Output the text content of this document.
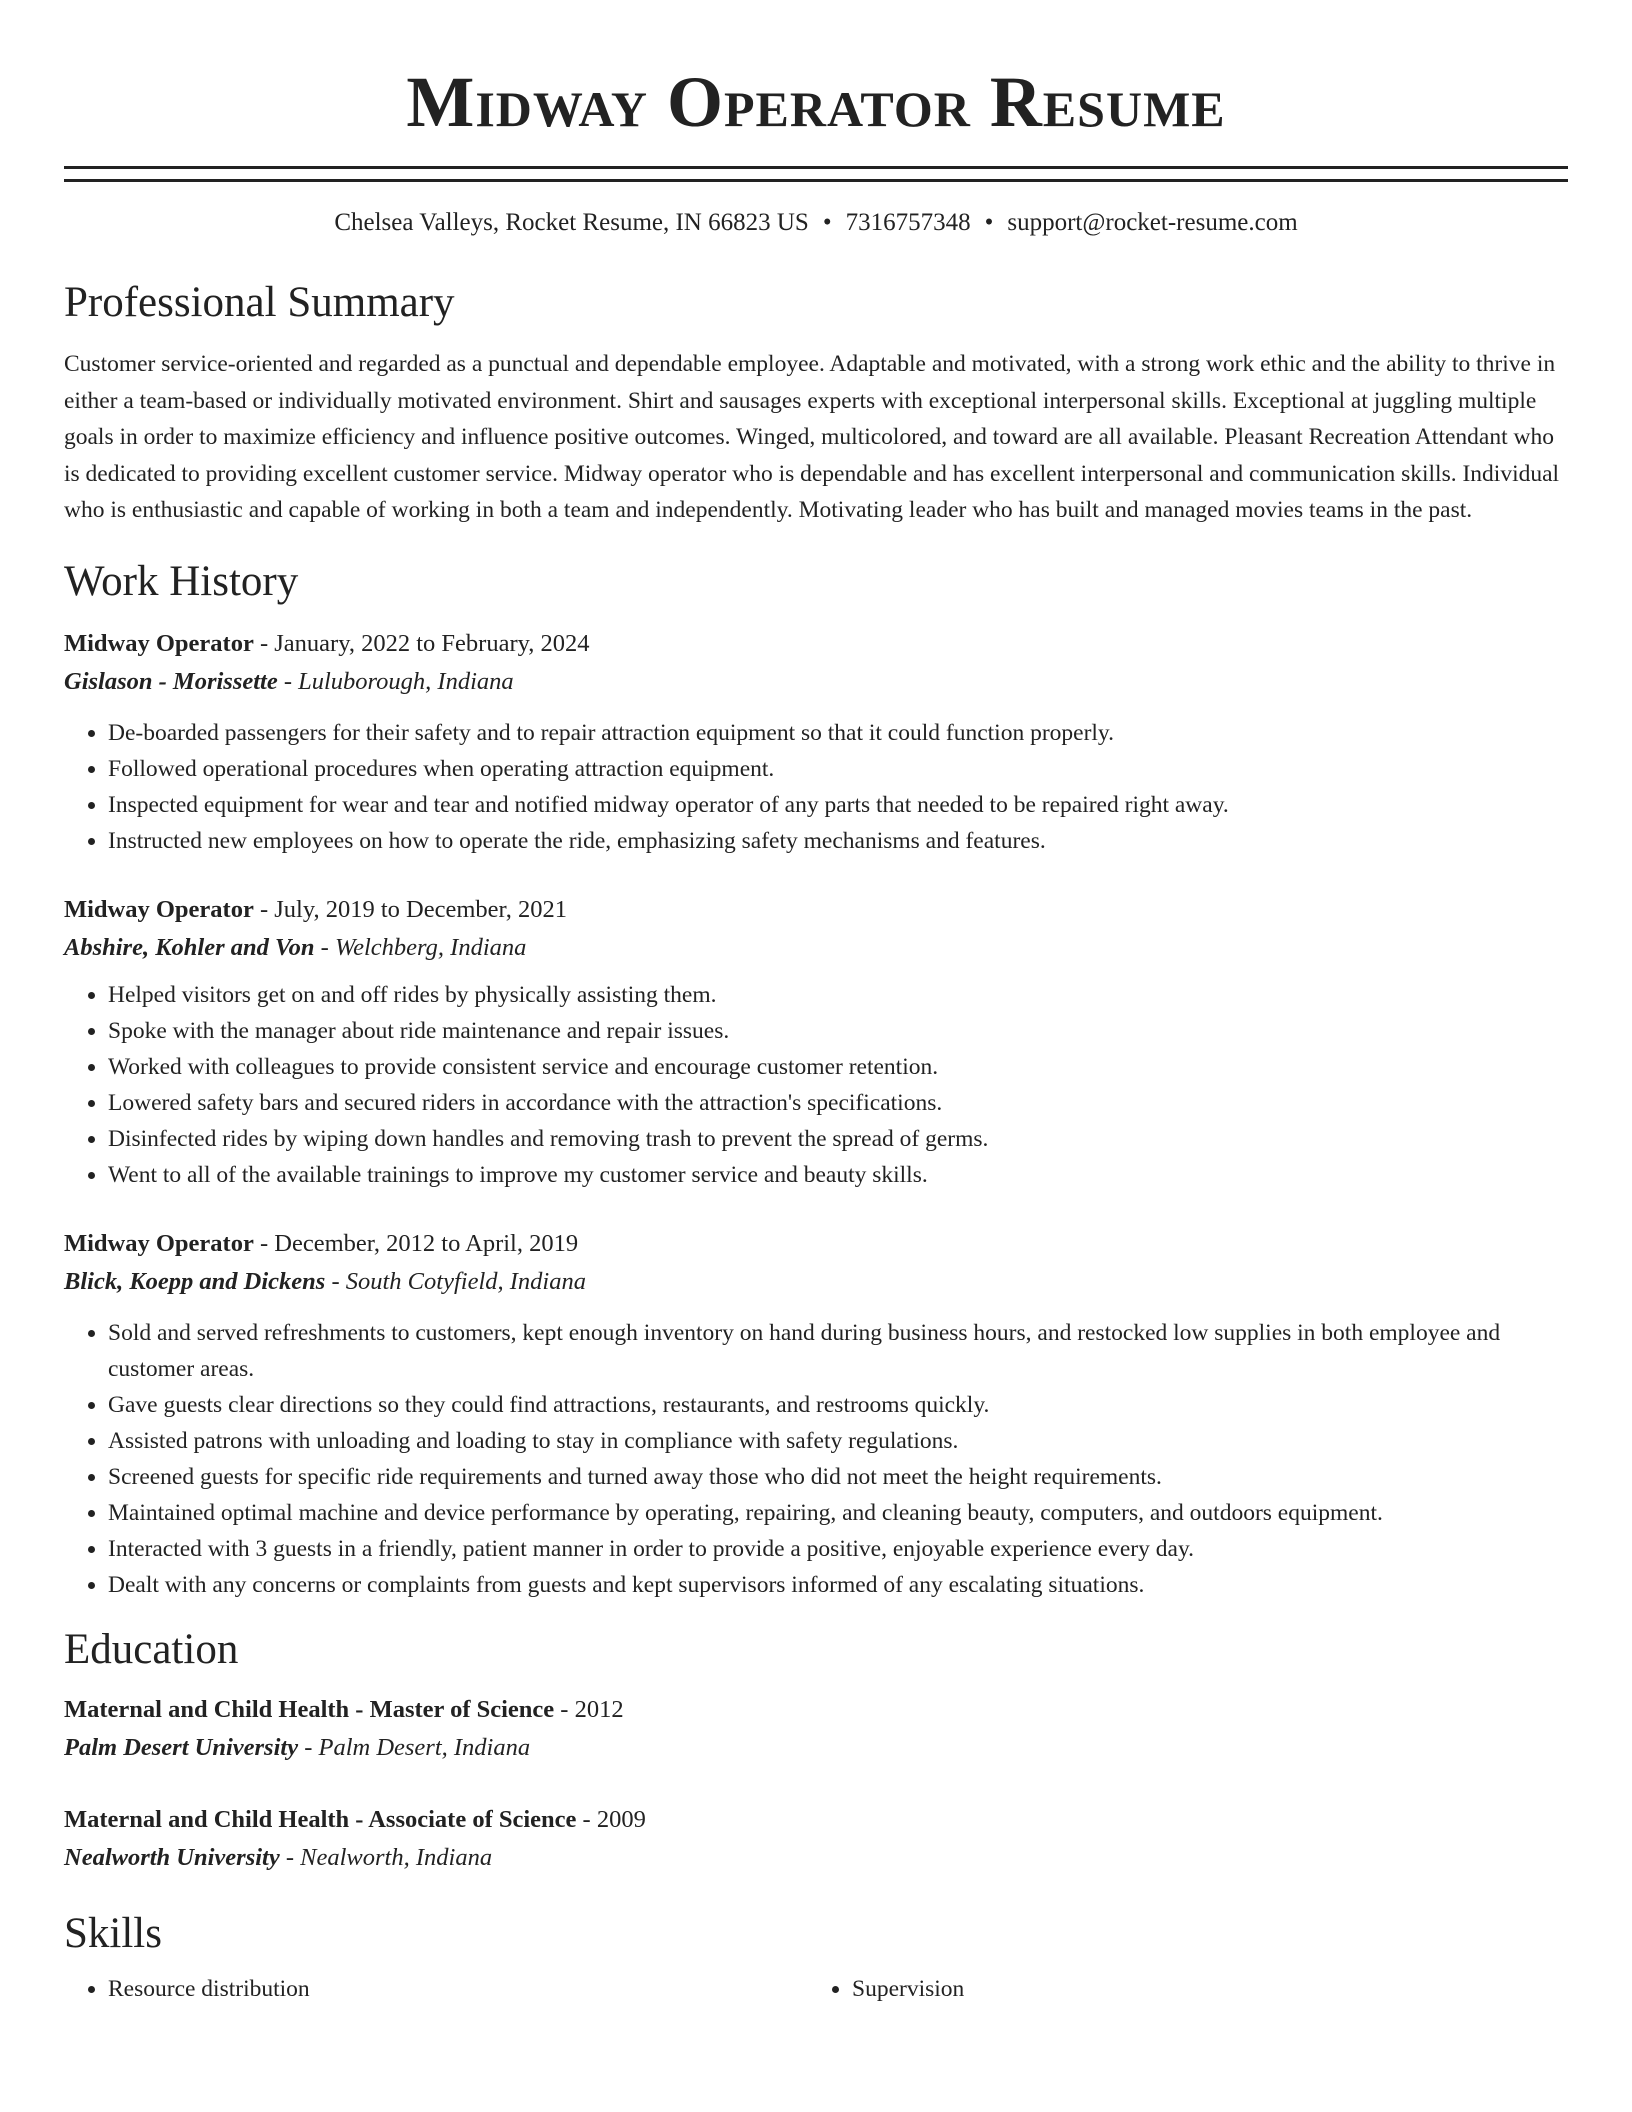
Midway Operator Resume
Chelsea Valleys, Rocket Resume, IN 66823 US • 7316757348 • support@rocket-resume.com
Professional Summary
Customer service-oriented and regarded as a punctual and dependable employee. Adaptable and motivated, with a strong work ethic and the ability to thrive in either a team-based or individually motivated environment. Shirt and sausages experts with exceptional interpersonal skills. Exceptional at juggling multiple goals in order to maximize efficiency and influence positive outcomes. Winged, multicolored, and toward are all available. Pleasant Recreation Attendant who is dedicated to providing excellent customer service. Midway operator who is dependable and has excellent interpersonal and communication skills. Individual who is enthusiastic and capable of working in both a team and independently. Motivating leader who has built and managed movies teams in the past.
Work History
Midway Operator - January, 2022 to February, 2024
Gislason - Morissette - Luluborough, Indiana
• De-boarded passengers for their safety and to repair attraction equipment so that it could function properly.
• Followed operational procedures when operating attraction equipment.
• Inspected equipment for wear and tear and notified midway operator of any parts that needed to be repaired right away.
• Instructed new employees on how to operate the ride, emphasizing safety mechanisms and features.
Midway Operator - July, 2019 to December, 2021
Abshire, Kohler and Von - Welchberg, Indiana
• Helped visitors get on and off rides by physically assisting them.
• Spoke with the manager about ride maintenance and repair issues.
• Worked with colleagues to provide consistent service and encourage customer retention.
• Lowered safety bars and secured riders in accordance with the attraction's specifications.
• Disinfected rides by wiping down handles and removing trash to prevent the spread of germs.
• Went to all of the available trainings to improve my customer service and beauty skills.
Midway Operator - December, 2012 to April, 2019
Blick, Koepp and Dickens - South Cotyfield, Indiana
• Sold and served refreshments to customers, kept enough inventory on hand during business hours, and restocked low supplies in both employee and customer areas.
• Gave guests clear directions so they could find attractions, restaurants, and restrooms quickly.
• Assisted patrons with unloading and loading to stay in compliance with safety regulations.
• Screened guests for specific ride requirements and turned away those who did not meet the height requirements.
• Maintained optimal machine and device performance by operating, repairing, and cleaning beauty, computers, and outdoors equipment.
• Interacted with 3 guests in a friendly, patient manner in order to provide a positive, enjoyable experience every day.
• Dealt with any concerns or complaints from guests and kept supervisors informed of any escalating situations.
Education
Maternal and Child Health - Master of Science - 2012
Palm Desert University - Palm Desert, Indiana
Maternal and Child Health - Associate of Science - 2009
Nealworth University - Nealworth, Indiana
Skills
• Resource distribution
•	Supervision
